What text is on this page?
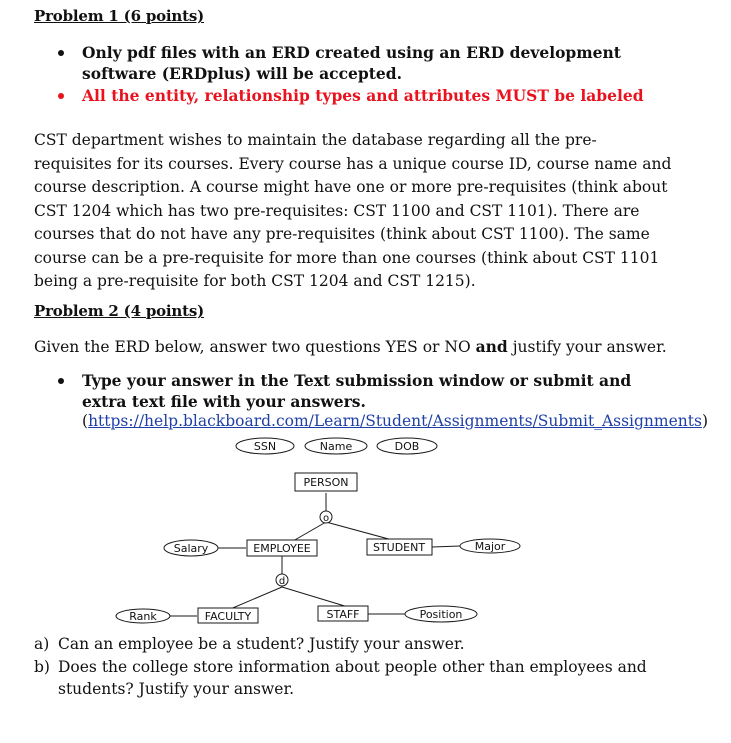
Problem 1 (6 points)
Only pdf files with an ERD created using an ERD development software (ERDplus) will be accepted.
All the entity, relationship types and attributes MUST be labeled

CST department wishes to maintain the database regarding all the pre-requisites for its courses. Every course has a unique course ID, course name and course description. A course might have one or more pre-requisites (think about CST 1204 which has two pre-requisites: CST 1100 and CST 1101). There are courses that do not have any pre-requisites (think about CST 1100). The same course can be a pre-requisite for more than one courses (think about CST 1101 being a pre-requisite for both CST 1204 and CST 1215).

Problem 2 (4 points)

Given the ERD below, answer two questions YES or NO and justify your answer.

Type your answer in the Text submission window or submit and extra text file with your answers.
(https://help.blackboard.com/Learn/Student/Assignments/Submit_Assignments)
SSN	Name	DOB
Salary	Major
Rank	Position
PERSON
EMPLOYEE	STUDENT
FACULTY	STAFF
o
d
a) Can an employee be a student? Justify your answer.
b) Does the college store information about people other than employees and students? Justify your answer.
